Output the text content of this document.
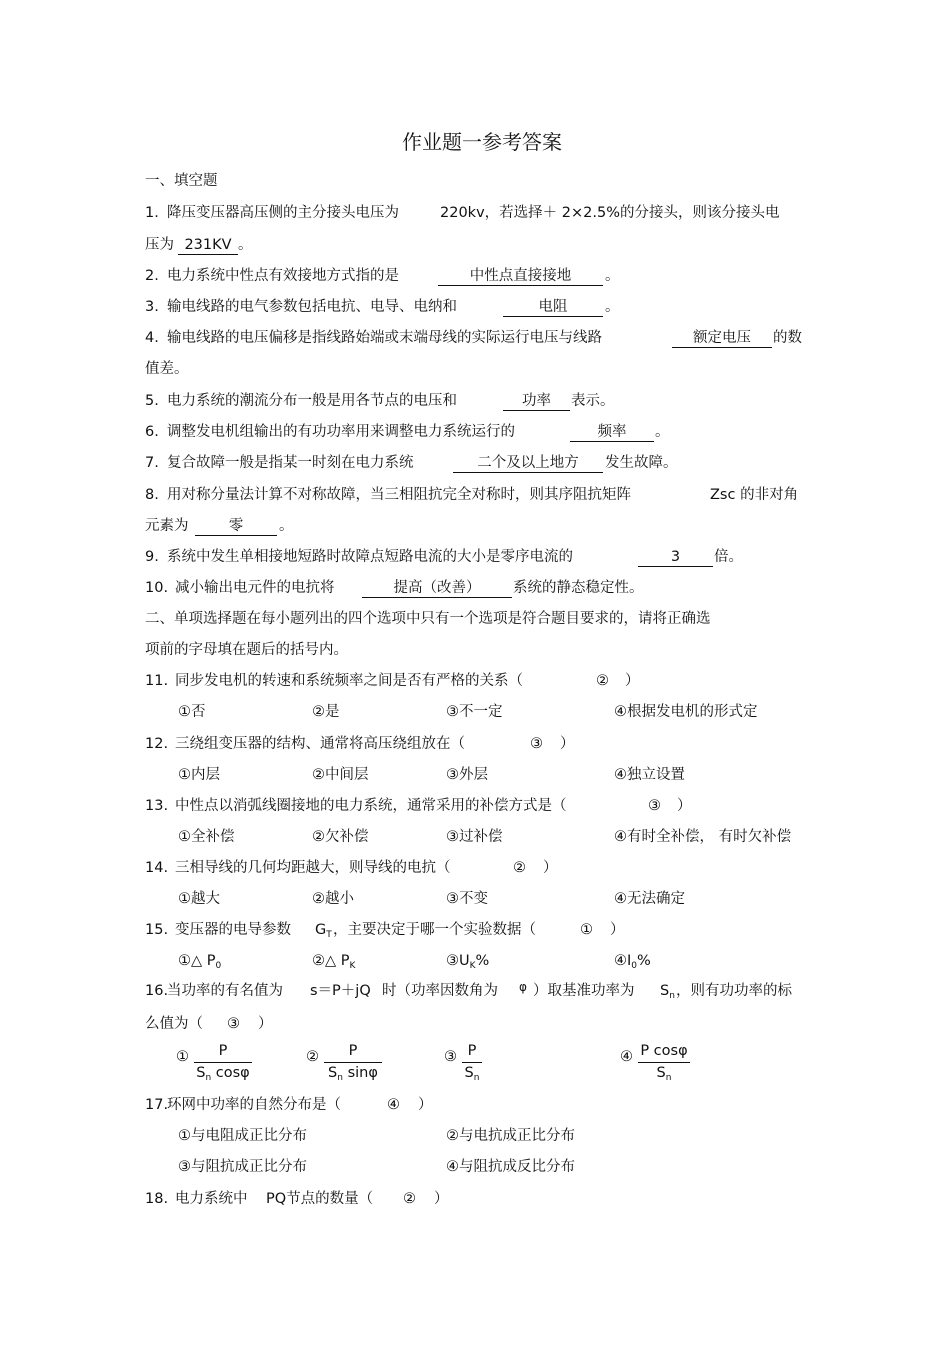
作业题一参考答案
一、填空题
1. 降压变压器高压侧的主分接头电压为	220kv，若选择＋ 2×2.5%的分接头，则该分接头电
压为 231KV 。
2. 电力系统中性点有效接地方式指的是	中性点直接接地	。
3. 输电线路的电气参数包括电抗、电导、电纳和	电阻	。
4. 输电线路的电压偏移是指线路始端或末端母线的实际运行电压与线路	额定电压	的数
值差。
5. 电力系统的潮流分布一般是用各节点的电压和	功率	表示。
6. 调整发电机组输出的有功功率用来调整电力系统运行的	频率	。
7. 复合故障一般是指某一时刻在电力系统	二个及以上地方	发生故障。
8. 用对称分量法计算不对称故障，当三相阻抗完全对称时，则其序阻抗矩阵	Zsc 的非对角
元素为	零	。
9. 系统中发生单相接地短路时故障点短路电流的大小是零序电流的	3	倍。
10. 减小输出电元件的电抗将	提高（改善）	系统的静态稳定性。
二、单项选择题在每小题列出的四个选项中只有一个选项是符合题目要求的，请将正确选
项前的字母填在题后的括号内。
11. 同步发电机的转速和系统频率之间是否有严格的关系（	② ）
①否	②是	③不一定	④根据发电机的形式定
12. 三绕组变压器的结构、通常将高压绕组放在（	③ ）
①内层	②中间层	③外层	④独立设置
13. 中性点以消弧线圈接地的电力系统，通常采用的补偿方式是（	③ ）
①全补偿	②欠补偿	③过补偿	④有时全补偿， 有时欠补偿
14. 三相导线的几何均距越大，则导线的电抗（	② ）
①越大	②越小	③不变	④无法确定
15. 变压器的电导参数 $G_T$ ，主要决定于哪一个实验数据（	① ）
①△ $P_0$	②△ $P_K$	$③U_K\%$	$④I_0\%$
16.
当功率的有名值为 s＝P＋jQ 时（功率因数角为 φ ）取基准功率为 $S_n$ ，则有功功率的标
么值为（ ③ ）
①	P
$S_n$ cosφ
②	P
$S_n$ sinφ
③ P
$S_n$
④ P cosφ
$S_n$
17.
环网中功率的自然分布是（	④ ）
①与电阻成正比分布	②与电抗成正比分布
③与阻抗成正比分布	④与阻抗成反比分布
18. 电力系统中 PQ节点的数量（ ② ）
